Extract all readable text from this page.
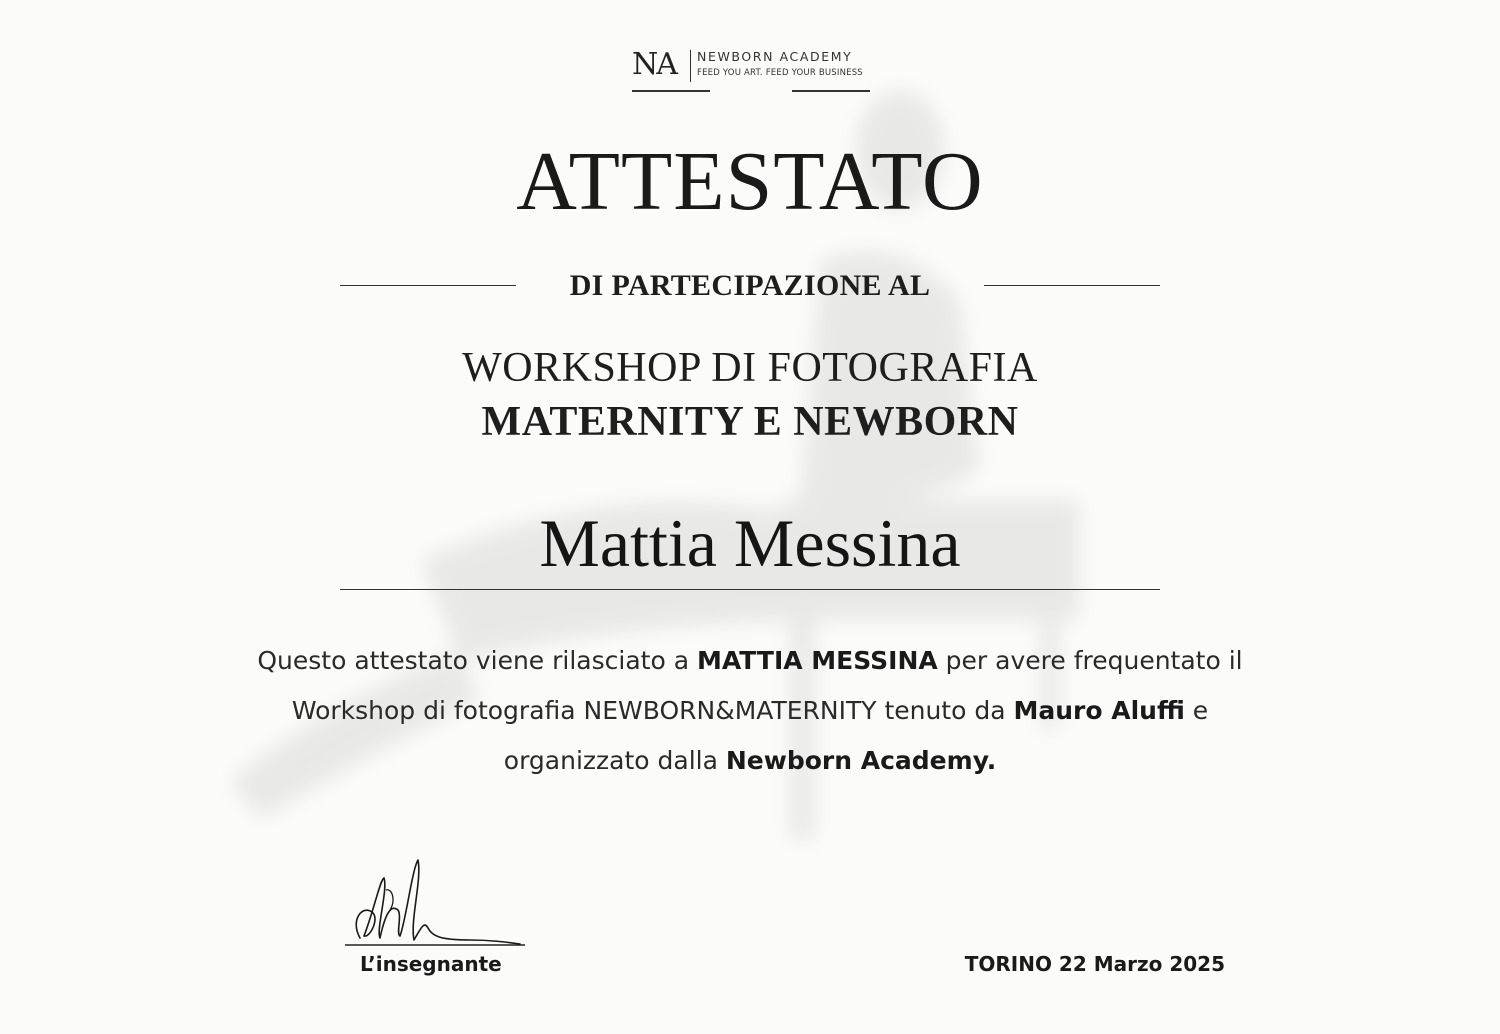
NA	NEWBORN ACADEMY
FEED YOU ART. FEED YOUR BUSINESS
ATTESTATO
DI PARTECIPAZIONE AL
WORKSHOP DI FOTOGRAFIA
MATERNITY E NEWBORN
Mattia Messina
Questo attestato viene rilasciato a MATTIA MESSINA per avere frequentato il Workshop di fotografia NEWBORN&MATERNITY tenuto da Mauro Aluffi e organizzato dalla Newborn Academy.
L’insegnante	TORINO 22 Marzo 2025
